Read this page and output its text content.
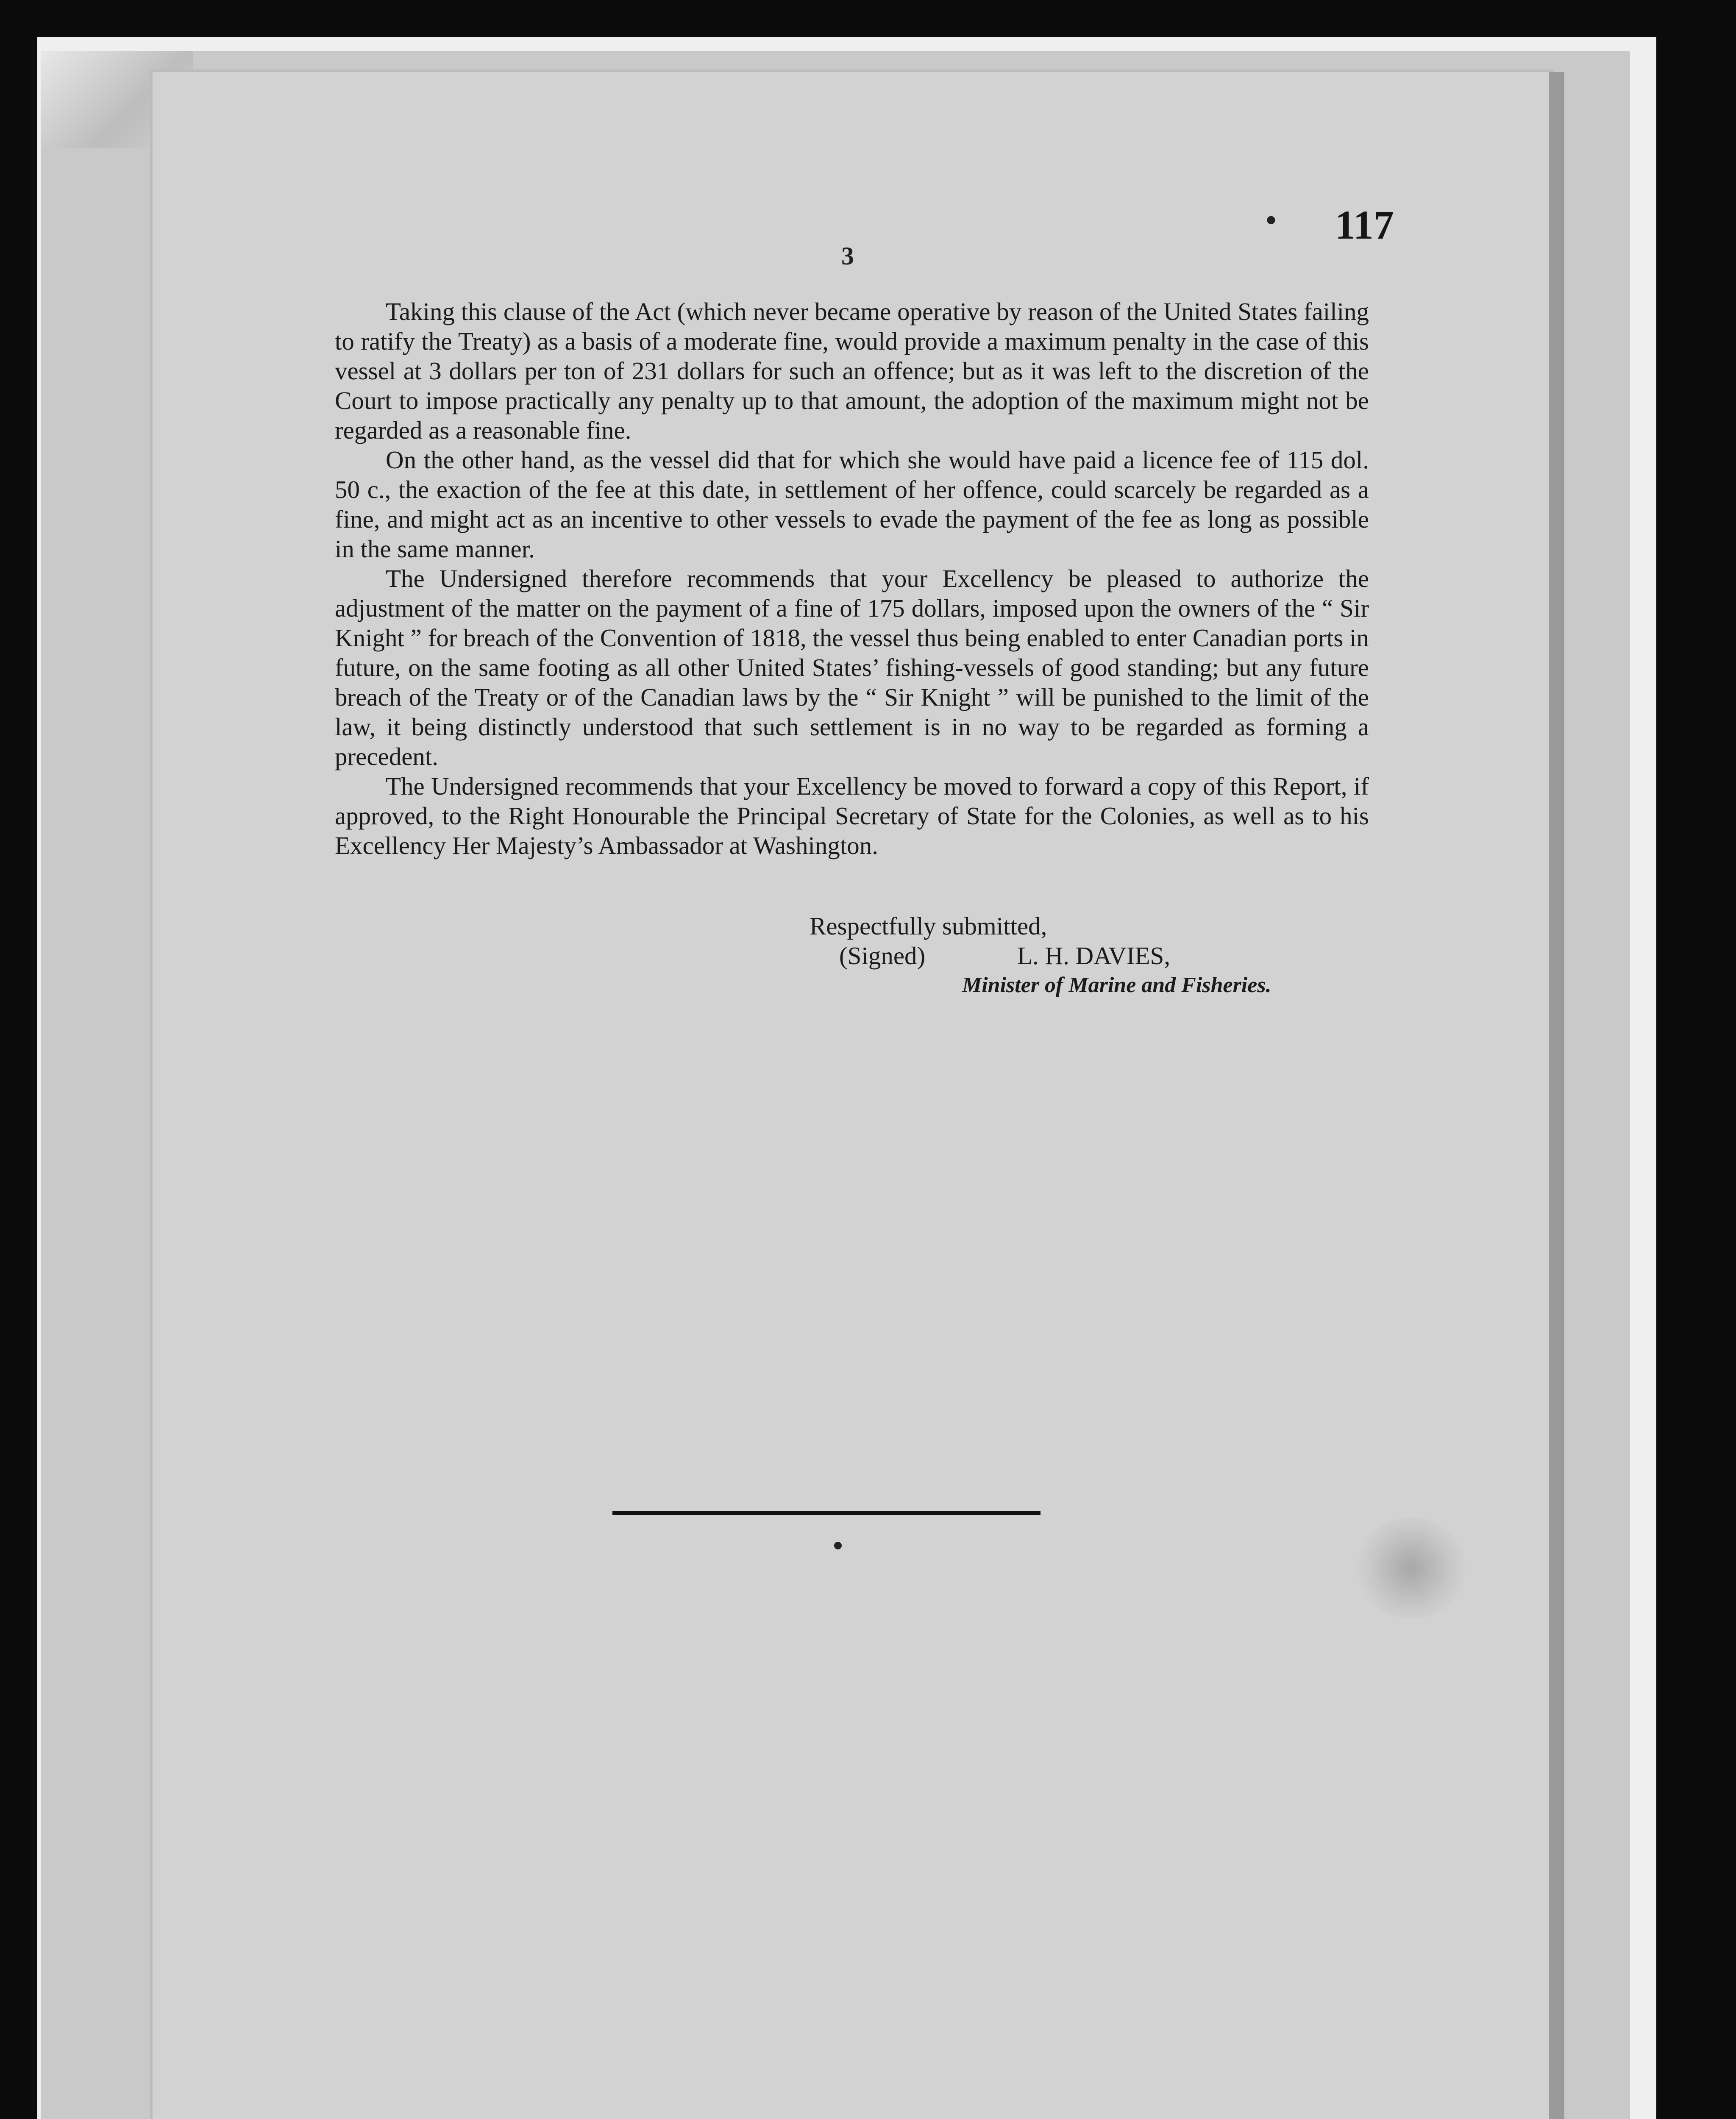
• 117
3

Taking this clause of the Act (which never became operative by reason of the United States failing to ratify the Treaty) as a basis of a moderate fine, would provide a maximum penalty in the case of this vessel at 3 dollars per ton of 231 dollars for such an offence; but as it was left to the discretion of the Court to impose practically any penalty up to that amount, the adoption of the maximum might not be regarded as a reasonable fine.

On the other hand, as the vessel did that for which she would have paid a licence fee of 115 dol. 50 c., the exaction of the fee at this date, in settlement of her offence, could scarcely be regarded as a fine, and might act as an incentive to other vessels to evade the payment of the fee as long as possible in the same manner.

The Undersigned therefore recommends that your Excellency be pleased to authorize the adjustment of the matter on the payment of a fine of 175 dollars, imposed upon the owners of the “ Sir Knight ” for breach of the Convention of 1818, the vessel thus being enabled to enter Canadian ports in future, on the same footing as all other United States’ fishing-vessels of good standing; but any future breach of the Treaty or of the Canadian laws by the “ Sir Knight ” will be punished to the limit of the law, it being distinctly understood that such settlement is in no way to be regarded as forming a precedent.

The Undersigned recommends that your Excellency be moved to forward a copy of this Report, if approved, to the Right Honourable the Principal Secretary of State for the Colonies, as well as to his Excellency Her Majesty’s Ambassador at Washington.

Respectfully submitted,
(Signed)	L. H. DAVIES,
Minister of Marine and Fisheries.
